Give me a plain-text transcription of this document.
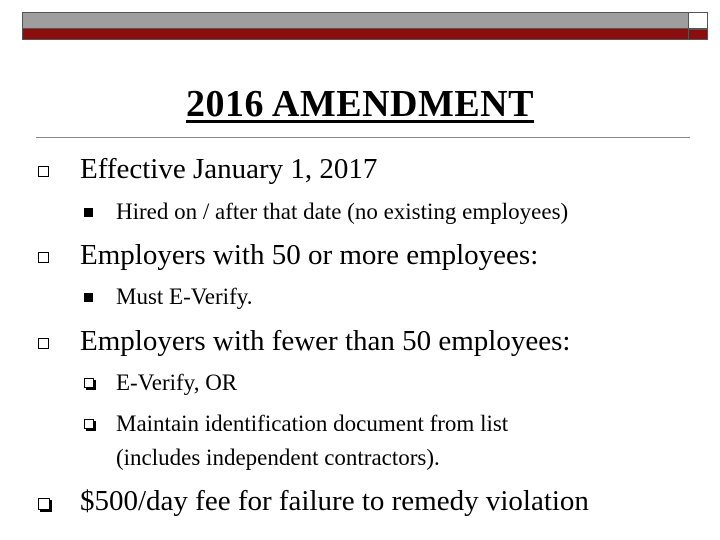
2016 AMENDMENT
Effective January 1, 2017
Hired on / after that date (no existing employees)
Employers with 50 or more employees:
Must E-Verify.
Employers with fewer than 50 employees:
E-Verify, OR
Maintain identification document from list
(includes independent contractors).
$500/day fee for failure to remedy violation
